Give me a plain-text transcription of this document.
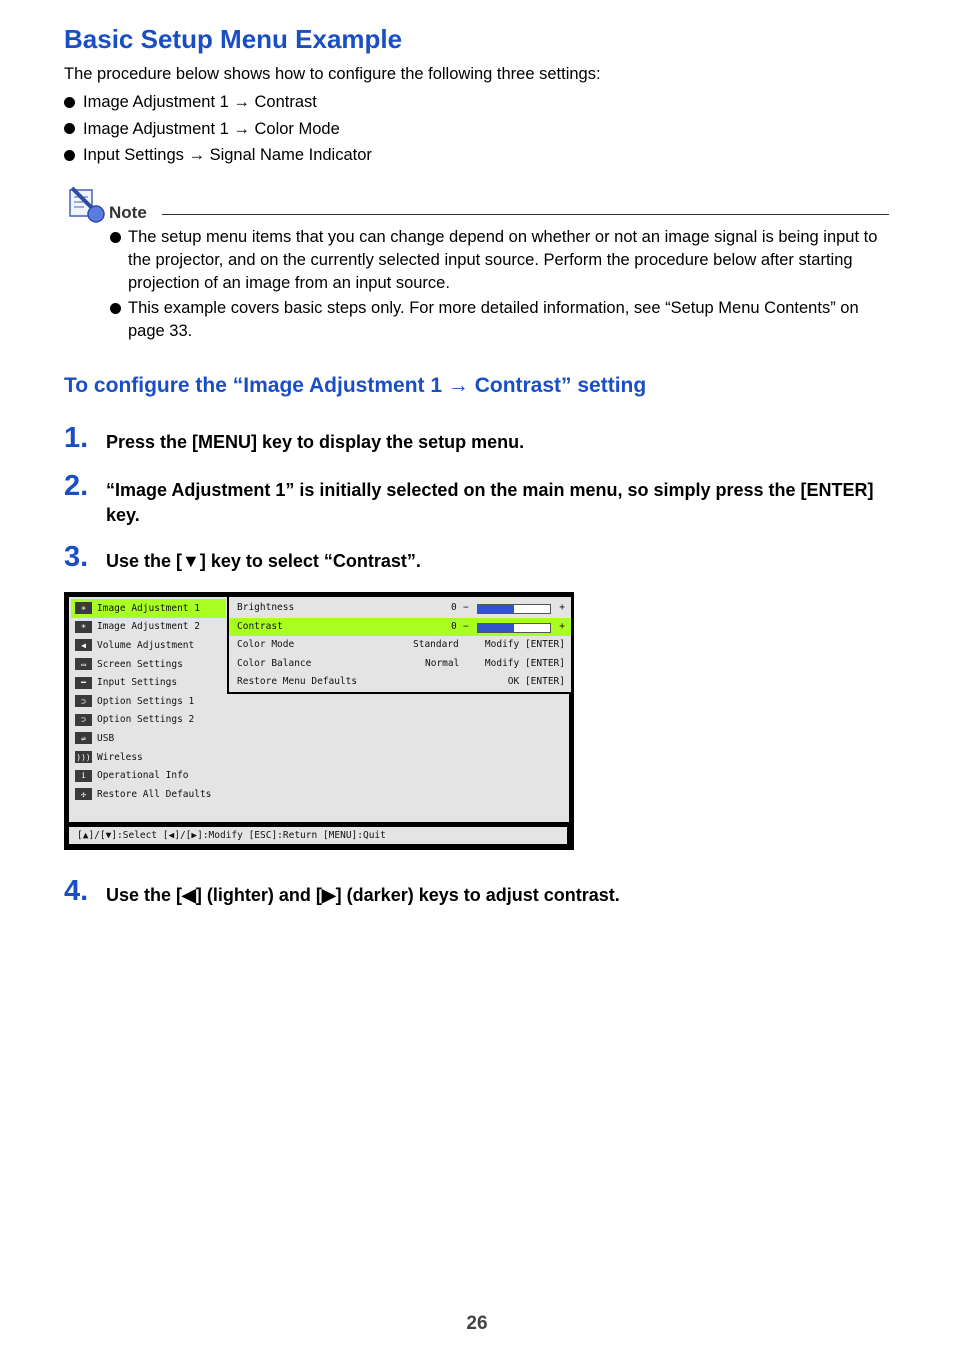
Basic Setup Menu Example
The procedure below shows how to configure the following three settings:
Image Adjustment 1 → Contrast
Image Adjustment 1 → Color Mode
Input Settings → Signal Name Indicator
Note
The setup menu items that you can change depend on whether or not an image signal is being input to the projector, and on the currently selected input source. Perform the procedure below after starting projection of an image from an input source.
This example covers basic steps only. For more detailed information, see “Setup Menu Contents” on page 33.
To configure the “Image Adjustment 1 → Contrast” setting
1. Press the [MENU] key to display the setup menu.
2. “Image Adjustment 1” is initially selected on the main menu, so simply press the [ENTER] key.
3. Use the [▼] key to select “Contrast”.
☀	Image Adjustment 1
☀	Image Adjustment 2
◀	Volume Adjustment
▭	Screen Settings
━	Input Settings
⊃	Option Settings 1
⊃	Option Settings 2
⇌	USB
))) Wireless
i	Operational Info
✣	Restore All Defaults
Brightness	0 −	+
Contrast	0 −	+
Color Mode	Standard	Modify [ENTER]
Color Balance	Normal	Modify [ENTER]
Restore Menu Defaults	OK [ENTER]
[▲]/[▼]:Select [◀]/[▶]:Modify [ESC]:Return [MENU]:Quit
4. Use the [◀] (lighter) and [▶] (darker) keys to adjust contrast.
26
